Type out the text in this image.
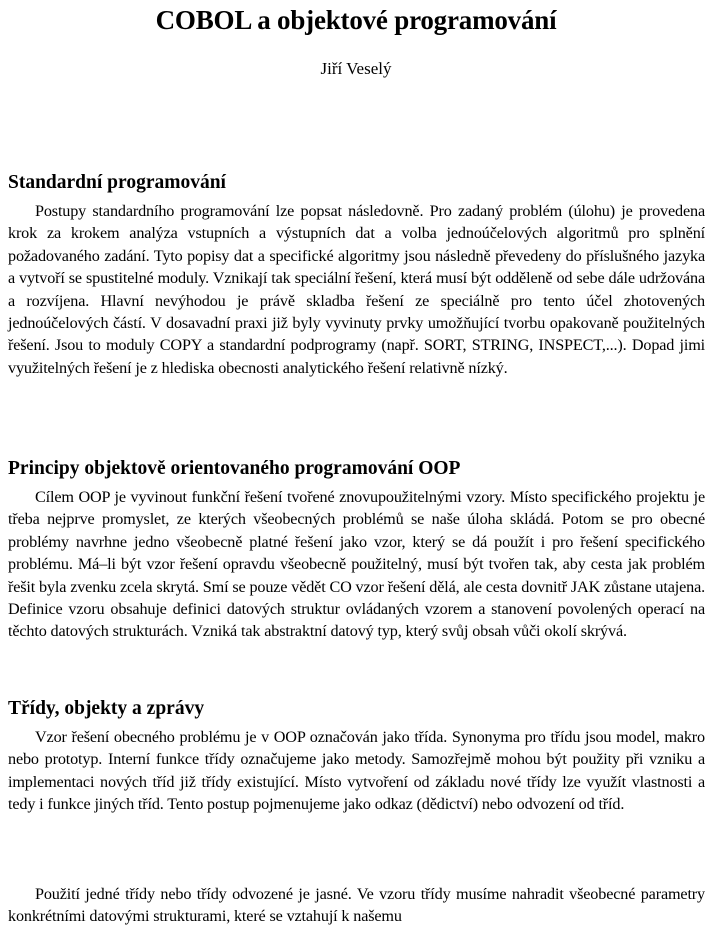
COBOL a objektové programování
Jiří Veselý
Standardní programování

Postupy standardního programování lze popsat následovně. Pro zadaný problém (úlohu) je provedena krok za krokem analýza vstupních a výstupních dat a volba jednoúčelových algoritmů pro splnění požadovaného zadání. Tyto popisy dat a specifické algoritmy jsou následně převedeny do příslušného jazyka a vytvoří se spustitelné moduly. Vznikají tak speciální řešení, která musí být odděleně od sebe dále udržována a rozvíjena. Hlavní nevýhodou je právě skladba řešení ze speciálně pro tento účel zhotovených jednoúčelových částí. V dosavadní praxi již byly vyvinuty prvky umožňující tvorbu opakovaně použitelných řešení. Jsou to moduly COPY a standardní podprogramy (např. SORT, STRING, INSPECT,...). Dopad jimi využitelných řešení je z hlediska obecnosti analytického řešení relativně nízký.

Principy objektově orientovaného programování OOP

Cílem OOP je vyvinout funkční řešení tvořené znovupoužitelnými vzory. Místo specifického projektu je třeba nejprve promyslet, ze kterých všeobecných problémů se naše úloha skládá. Potom se pro obecné problémy navrhne jedno všeobecně platné řešení jako vzor, který se dá použít i pro řešení specifického problému. Má–li být vzor řešení opravdu všeobecně použitelný, musí být tvořen tak, aby cesta jak problém řešit byla zvenku zcela skrytá. Smí se pouze vědět CO vzor řešení dělá, ale cesta dovnitř JAK zůstane utajena. Definice vzoru obsahuje definici datových struktur ovládaných vzorem a stanovení povolených operací na těchto datových strukturách. Vzniká tak abstraktní datový typ, který svůj obsah vůči okolí skrývá.

Třídy, objekty a zprávy

Vzor řešení obecného problému je v OOP označován jako třída. Synonyma pro třídu jsou model, makro nebo prototyp. Interní funkce třídy označujeme jako metody. Samozřejmě mohou být použity při vzniku a implementaci nových tříd již třídy existující. Místo vytvoření od základu nové třídy lze využít vlastnosti a tedy i funkce jiných tříd. Tento postup pojmenujeme jako odkaz (dědictví) nebo odvození od tříd.

Použití jedné třídy nebo třídy odvozené je jasné. Ve vzoru třídy musíme nahradit všeobecné parametry konkrétními datovými strukturami, které se vztahují k našemu
